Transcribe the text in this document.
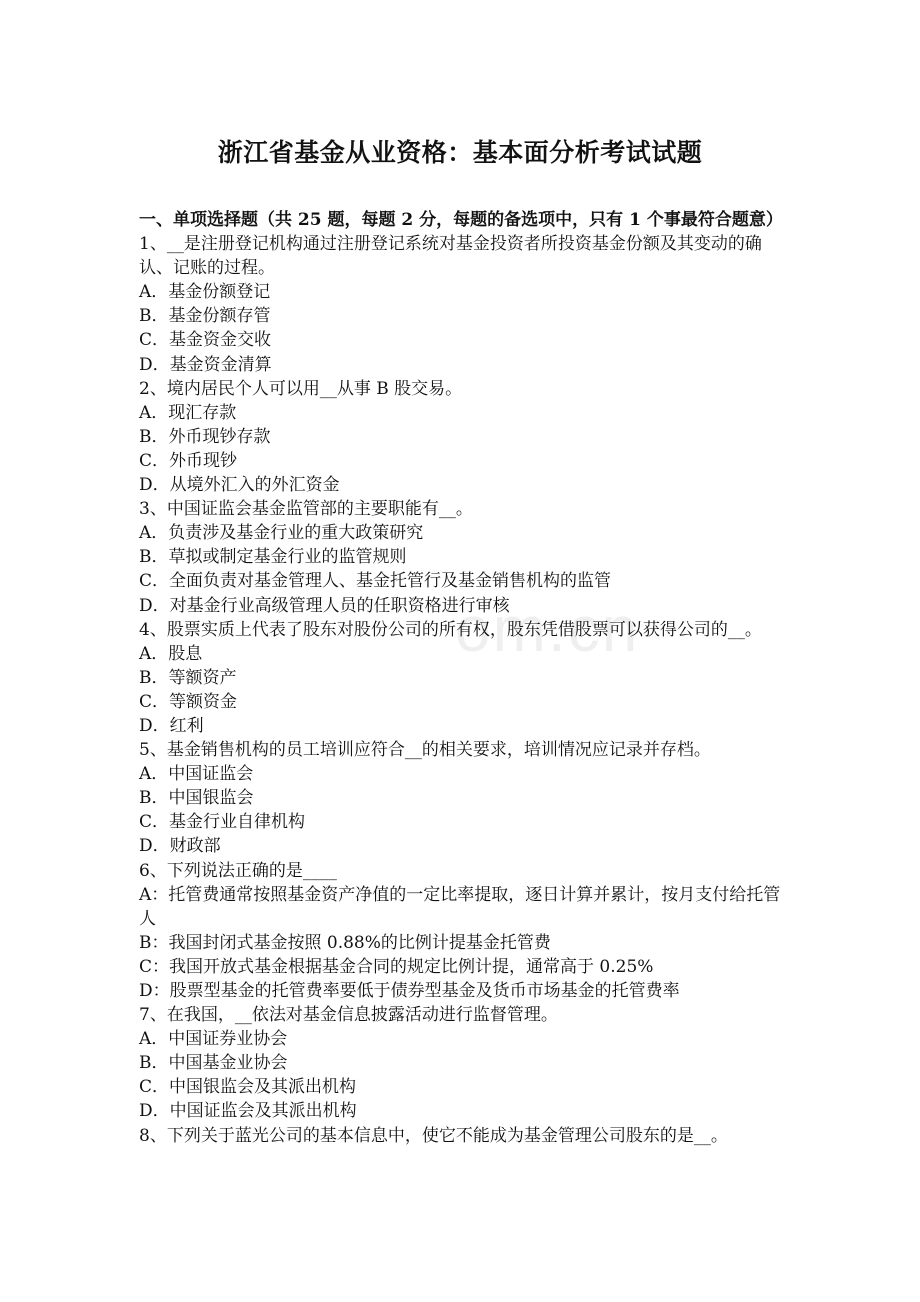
om.cn
浙江省基金从业资格：基本面分析考试试题

一、单项选择题（共 25 题，每题 2 分，每题的备选项中，只有 1 个事最符合题意）

1、__是注册登记机构通过注册登记系统对基金投资者所投资基金份额及其变动的确认、记账的过程。

A．基金份额登记

B．基金份额存管

C．基金资金交收

D．基金资金清算

2、境内居民个人可以用__从事 B 股交易。

A．现汇存款

B．外币现钞存款

C．外币现钞

D．从境外汇入的外汇资金

3、中国证监会基金监管部的主要职能有__。

A．负责涉及基金行业的重大政策研究

B．草拟或制定基金行业的监管规则

C．全面负责对基金管理人、基金托管行及基金销售机构的监管

D．对基金行业高级管理人员的任职资格进行审核

4、股票实质上代表了股东对股份公司的所有权，股东凭借股票可以获得公司的__。

A．股息

B．等额资产

C．等额资金

D．红利

5、基金销售机构的员工培训应符合__的相关要求，培训情况应记录并存档。

A．中国证监会

B．中国银监会

C．基金行业自律机构

D．财政部

6、下列说法正确的是____

A：托管费通常按照基金资产净值的一定比率提取，逐日计算并累计，按月支付给托管人

B：我国封闭式基金按照 0.88%的比例计提基金托管费

C：我国开放式基金根据基金合同的规定比例计提，通常高于 0.25%

D：股票型基金的托管费率要低于债券型基金及货币市场基金的托管费率

7、在我国，__依法对基金信息披露活动进行监督管理。

A．中国证券业协会

B．中国基金业协会

C．中国银监会及其派出机构

D．中国证监会及其派出机构

8、下列关于蓝光公司的基本信息中，使它不能成为基金管理公司股东的是__。
